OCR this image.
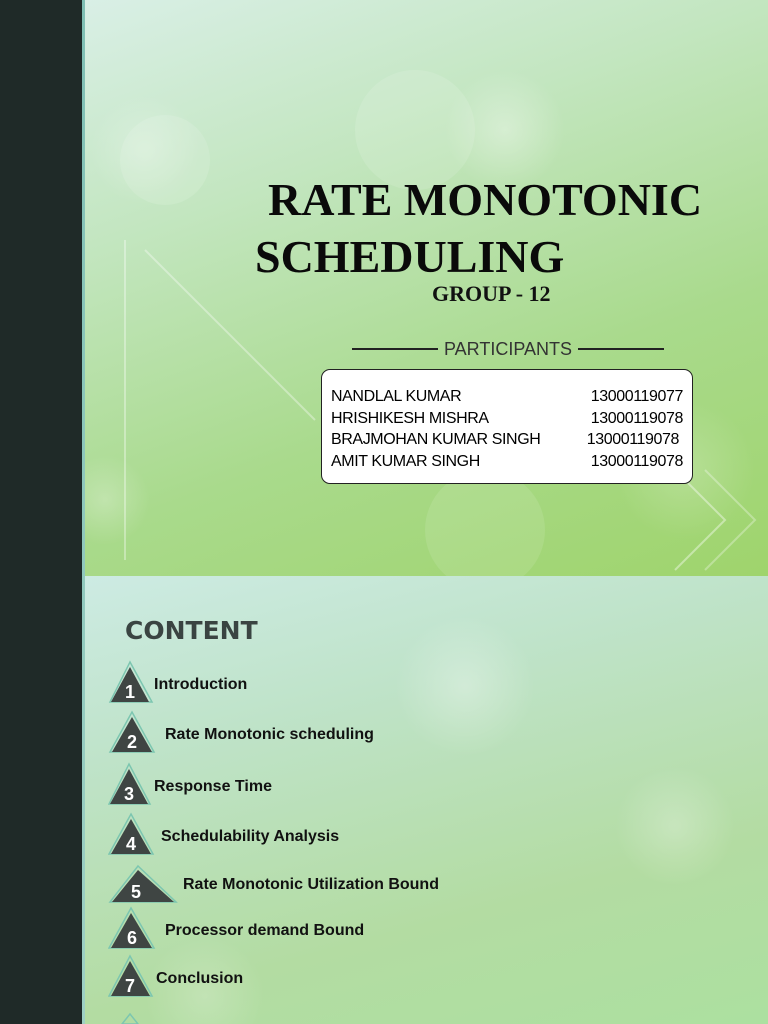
RATE MONOTONIC
SCHEDULING
GROUP - 12
PARTICIPANTS
NANDLAL KUMAR	13000119077
HRISHIKESH MISHRA	13000119078
BRAJMOHAN KUMAR SINGH	13000119078
AMIT KUMAR SINGH	13000119078
CONTENT
1 Introduction
2 Rate Monotonic scheduling
3 Response Time
4 Schedulability Analysis
5	Rate Monotonic Utilization Bound
6 Processor demand Bound
7 Conclusion
